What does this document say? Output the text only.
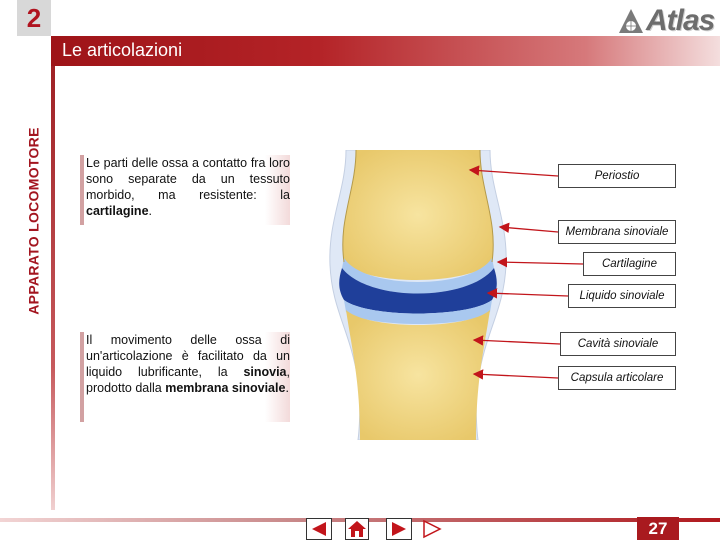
2
APPARATO LOCOMOTORE
Le articolazioni
Atlas
Le parti delle ossa a contatto fra loro sono separate da un tessuto morbido, ma resistente: la cartilagine.
Il movimento delle ossa di un'articolazione è facilitato da un liquido lubrificante, la sinovia, prodotto dalla membrana sinoviale.
Periostio
Membrana sinoviale
Cartilagine
Liquido sinoviale
Cavità sinoviale
Capsula articolare
27
